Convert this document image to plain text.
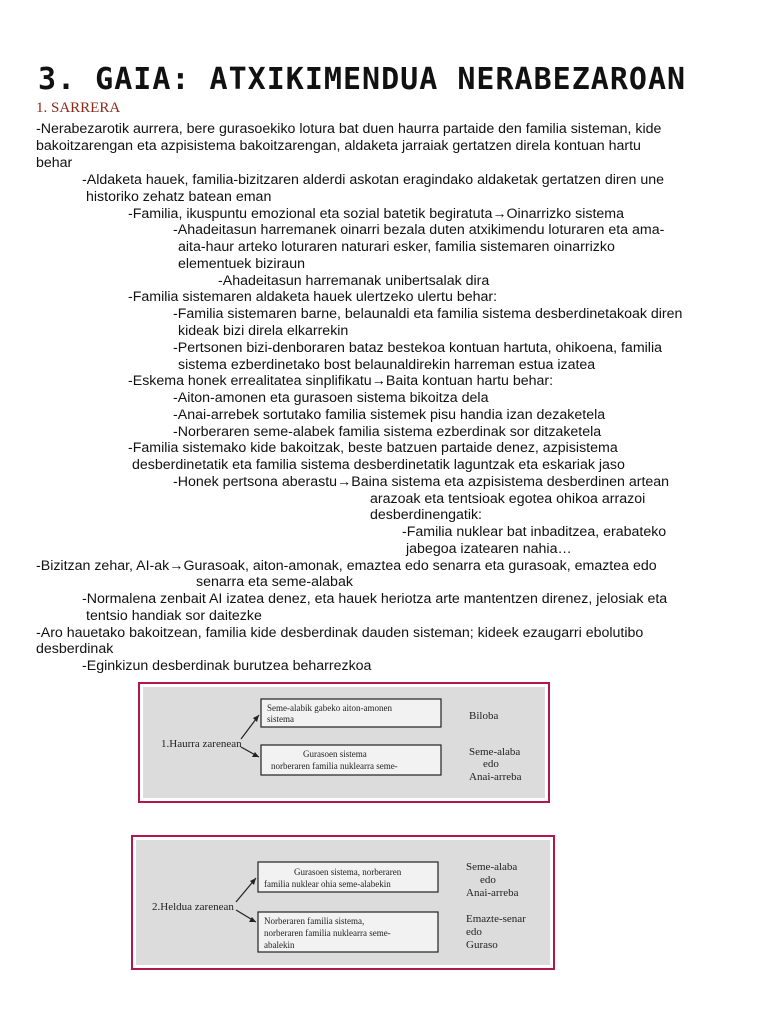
3. GAIA: ATXIKIMENDUA NERABEZAROAN
1. SARRERA
-Nerabezarotik aurrera, bere gurasoekiko lotura bat duen haurra partaide den familia sisteman, kide
bakoitzarengan eta azpisistema bakoitzarengan, aldaketa jarraiak gertatzen direla kontuan hartu
behar
-Aldaketa hauek, familia-bizitzaren alderdi askotan eragindako aldaketak gertatzen diren une
historiko zehatz batean eman
-Familia, ikuspuntu emozional eta sozial batetik begiratuta→Oinarrizko sistema
-Ahadeitasun harremanek oinarri bezala duten atxikimendu loturaren eta ama-
aita-haur arteko loturaren naturari esker, familia sistemaren oinarrizko
elementuek biziraun
-Ahadeitasun harremanak unibertsalak dira
-Familia sistemaren aldaketa hauek ulertzeko ulertu behar:
-Familia sistemaren barne, belaunaldi eta familia sistema desberdinetakoak diren
kideak bizi direla elkarrekin
-Pertsonen bizi-denboraren bataz bestekoa kontuan hartuta, ohikoena, familia
sistema ezberdinetako bost belaunaldirekin harreman estua izatea
-Eskema honek errealitatea sinplifikatu→Baita kontuan hartu behar:
-Aiton-amonen eta gurasoen sistema bikoitza dela
-Anai-arrebek sortutako familia sistemek pisu handia izan dezaketela
-Norberaren seme-alabek familia sistema ezberdinak sor ditzaketela
-Familia sistemako kide bakoitzak, beste batzuen partaide denez, azpisistema
desberdinetatik eta familia sistema desberdinetatik laguntzak eta eskariak jaso
-Honek pertsona aberastu→Baina sistema eta azpisistema desberdinen artean
arazoak eta tentsioak egotea ohikoa arrazoi
desberdinengatik:
-Familia nuklear bat inbaditzea, erabateko
jabegoa izatearen nahia…
-Bizitzan zehar, AI-ak→Gurasoak, aiton-amonak, emaztea edo senarra eta gurasoak, emaztea edo
senarra eta seme-alabak
-Normalena zenbait AI izatea denez, eta hauek heriotza arte mantentzen direnez, jelosiak eta
tentsio handiak sor daitezke
-Aro hauetako bakoitzean, familia kide desberdinak dauden sisteman; kideek ezaugarri ebolutibo
desberdinak
-Eginkizun desberdinak burutzea beharrezkoa
1.Haurra zarenean
Seme-alabik gabeko aiton-amonen
sistema
Gurasoen sistema
norberaren familia nuklearra seme-
Biloba
Seme-alaba
edo
Anai-arreba
2.Heldua zarenean
Gurasoen sistema, norberaren
familia nuklear ohia seme-alabekin
Norberaren familia sistema,
norberaren familia nuklearra seme-
abalekin
Seme-alaba
edo
Anai-arreba
Emazte-senar
edo
Guraso
